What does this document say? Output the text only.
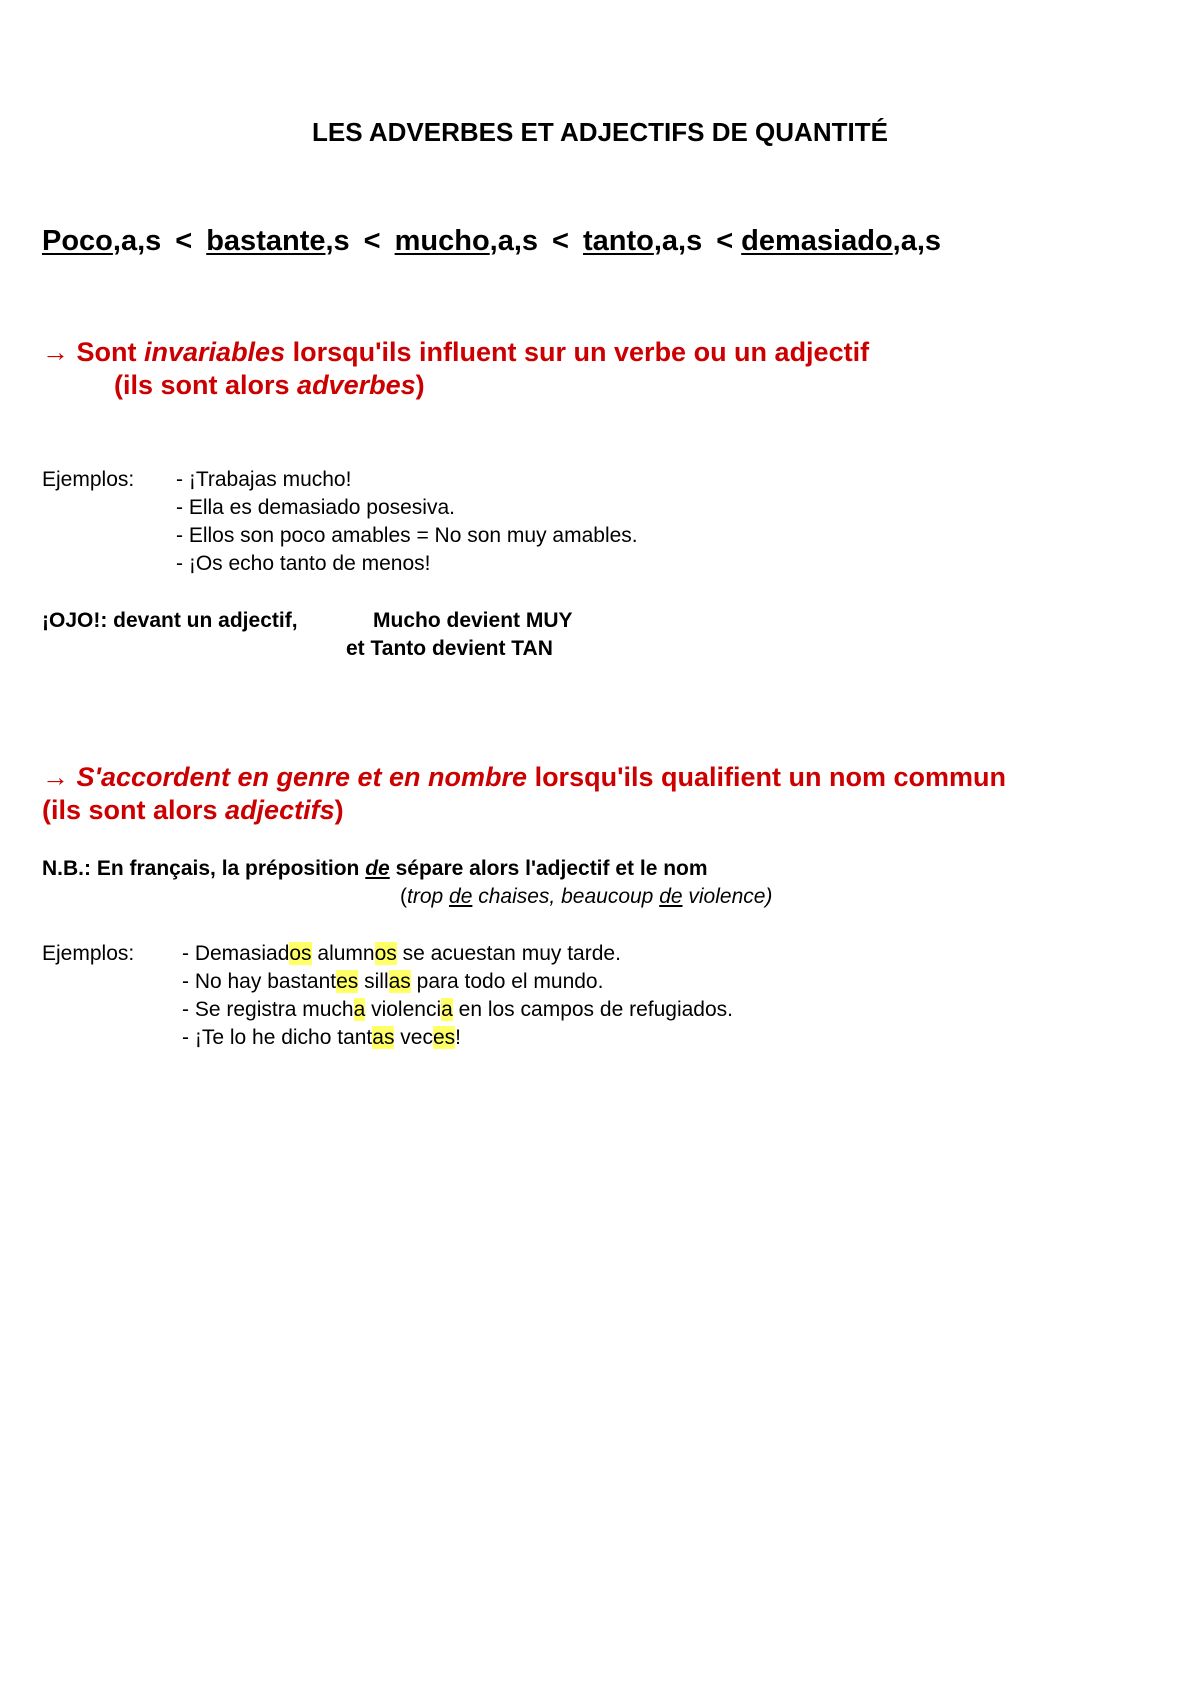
LES ADVERBES ET ADJECTIFS DE QUANTITÉ
Poco,a,s < bastante,s < mucho,a,s < tanto,a,s < demasiado,a,s
→ Sont invariables lorsqu'ils influent sur un verbe ou un adjectif
(ils sont alors adverbes)
Ejemplos: - ¡Trabajas mucho!
- Ella es demasiado posesiva.
- Ellos son poco amables = No son muy amables.
- ¡Os echo tanto de menos!
¡OJO!: devant un adjectif,	Mucho devient MUY
et Tanto devient TAN
→ S'accordent en genre et en nombre lorsqu'ils qualifient un nom commun
(ils sont alors adjectifs)
N.B.: En français, la préposition de sépare alors l'adjectif et le nom
(trop de chaises, beaucoup de violence)
Ejemplos: - Demasiados alumnos se acuestan muy tarde.
- No hay bastantes sillas para todo el mundo.
- Se registra mucha violencia en los campos de refugiados.
- ¡Te lo he dicho tantas veces!
